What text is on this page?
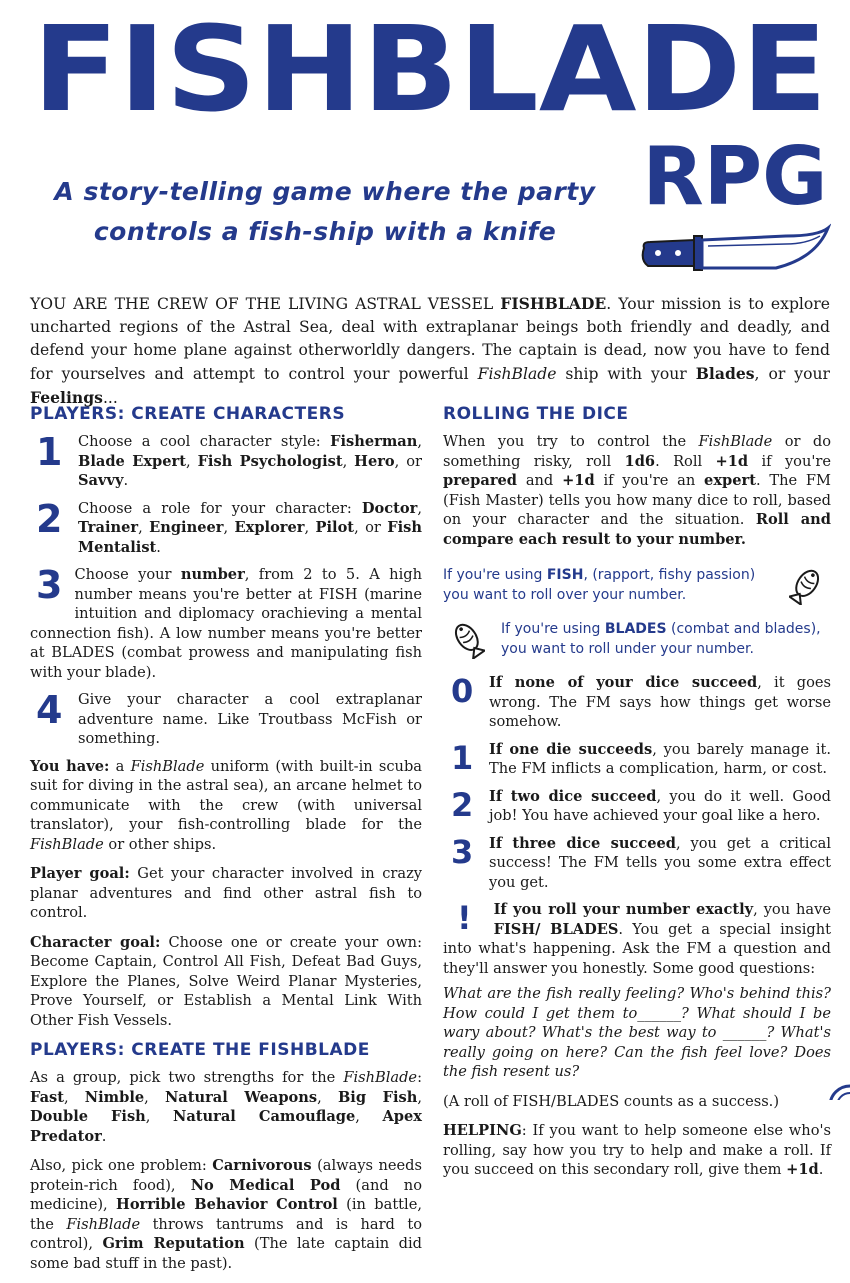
FISHBLADE
RPG
A story-telling game where the party
controls a fish-ship with a knife
YOU ARE THE CREW OF THE LIVING ASTRAL VESSEL FISHBLADE. Your mission is to explore uncharted regions of the Astral Sea, deal with extraplanar beings both friendly and deadly, and defend your home plane against otherworldly dangers. The captain is dead, now you have to fend for yourselves and attempt to control your powerful FishBlade ship with your Blades, or your Feelings...
PLAYERS: CREATE CHARACTERS
1 Choose a cool character style: Fisherman, Blade Expert, Fish Psychologist, Hero, or Savvy.

2 Choose a role for your character: Doctor, Trainer, Engineer, Explorer, Pilot, or Fish Mentalist.

3 Choose your number, from 2 to 5. A high number means you're better at FISH (marine intuition and diplomacy orachieving a mental connection fish). A low number means you're better at BLADES (combat prowess and manipulating fish with your blade).

4 Give your character a cool extraplanar adventure name. Like Troutbass McFish or something.

You have: a FishBlade uniform (with built-in scuba suit for diving in the astral sea), an arcane helmet to communicate with the crew (with universal translator), your fish-controlling blade for the FishBlade or other ships.

Player goal: Get your character involved in crazy planar adventures and find other astral fish to control.

Character goal: Choose one or create your own: Become Captain, Control All Fish, Defeat Bad Guys, Explore the Planes, Solve Weird Planar Mysteries, Prove Yourself, or Establish a Mental Link With Other Fish Vessels.

PLAYERS: CREATE THE FISHBLADE

As a group, pick two strengths for the FishBlade: Fast, Nimble, Natural Weapons, Big Fish, Double Fish, Natural Camouflage, Apex Predator.

Also, pick one problem: Carnivorous (always needs protein-rich food), No Medical Pod (and no medicine), Horrible Behavior Control (in battle, the FishBlade throws tantrums and is hard to control), Grim Reputation (The late captain did some bad stuff in the past).

ROLLING THE DICE

When you try to control the FishBlade or do something risky, roll 1d6. Roll +1d if you're prepared and +1d if you're an expert. The FM (Fish Master) tells you how many dice to roll, based on your character and the situation. Roll and compare each result to your number.

If you're using FISH, (rapport, fishy passion) you want to roll over your number.
If you're using BLADES (combat and blades), you want to roll under your number.
0 If none of your dice succeed, it goes wrong. The FM says how things get worse somehow.

1 If one die succeeds, you barely manage it. The FM inflicts a complication, harm, or cost.

2 If two dice succeed, you do it well. Good job! You have achieved your goal like a hero.

3 If three dice succeed, you get a critical success! The FM tells you some extra effect you get.

! If you roll your number exactly, you have FISH/ BLADES. You get a special insight into what's happening. Ask the FM a question and they'll answer you honestly. Some good questions:

What are the fish really feeling? Who's behind this? How could I get them to______? What should I be wary about? What's the best way to ______? What's really going on here? Can the fish feel love? Does the fish resent us?

(A roll of FISH/BLADES counts as a success.)

HELPING: If you want to help someone else who's rolling, say how you try to help and make a roll. If you succeed on this secondary roll, give them +1d.
